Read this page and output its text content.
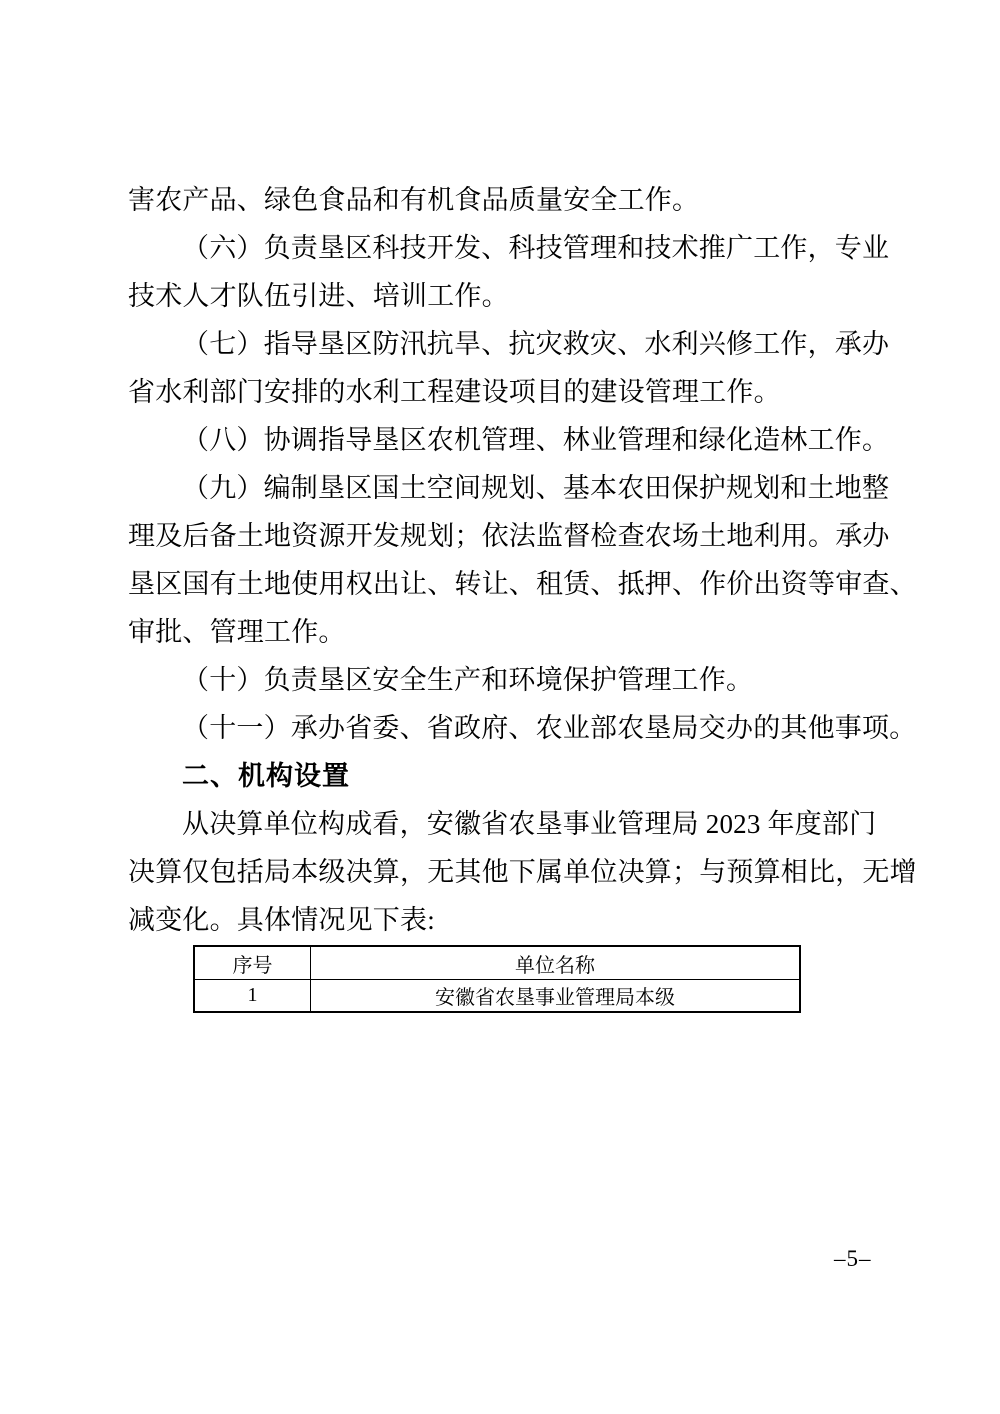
害农产品、绿色食品和有机食品质量安全工作。
（六）负责垦区科技开发、科技管理和技术推广工作，专业
技术人才队伍引进、培训工作。
（七）指导垦区防汛抗旱、抗灾救灾、水利兴修工作，承办
省水利部门安排的水利工程建设项目的建设管理工作。
（八）协调指导垦区农机管理、林业管理和绿化造林工作。
（九）编制垦区国土空间规划、基本农田保护规划和土地整
理及后备土地资源开发规划；依法监督检查农场土地利用。承办
垦区国有土地使用权出让、转让、租赁、抵押、作价出资等审查、
审批、管理工作。
（十）负责垦区安全生产和环境保护管理工作。
（十一）承办省委、省政府、农业部农垦局交办的其他事项。
二、机构设置
从决算单位构成看，安徽省农垦事业管理局 2023 年度部门
决算仅包括局本级决算，无其他下属单位决算；与预算相比，无增
减变化。具体情况见下表:
序号	单位名称
1	安徽省农垦事业管理局本级
–5–
